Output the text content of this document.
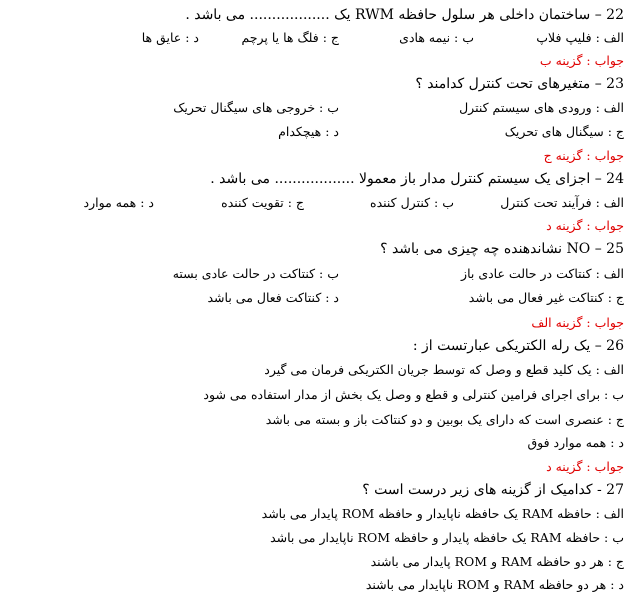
22 – ساختمان داخلی هر سلول حافظه RWM یک .................. می باشد .
الف : فلیپ فلاپ
ب : نیمه هادی
ج : فلگ ها یا پرچم
د : عایق ها
جواب : گزینه ب
23 – متغیرهای تحت کنترل کدامند ؟
الف : ورودی های سیستم کنترل
ب : خروجی های سیگنال تحریک
ج : سیگنال های تحریک
د : هیچکدام
جواب : گزینه ج
24 – اجزای یک سیستم کنترل مدار باز معمولا .................. می باشد .
الف : فرآیند تحت کنترل
ب : کنترل کننده
ج : تقویت کننده
د : همه موارد
جواب : گزینه د
25 – NO نشاندهنده چه چیزی می باشد ؟
الف : کنتاکت در حالت عادی باز
ب : کنتاکت در حالت عادی بسته
ج : کنتاکت غیر فعال می باشد
د : کنتاکت فعال می باشد
جواب : گزینه الف
26 – یک رله الکتریکی عبارتست از :
الف : یک کلید قطع و وصل که توسط جریان الکتریکی فرمان می گیرد
ب : برای اجرای فرامین کنترلی و قطع و وصل یک بخش از مدار استفاده می شود
ج : عنصری است که دارای یک بوبین و دو کنتاکت باز و بسته می باشد
د : همه موارد فوق
جواب : گزینه د
27 - کدامیک از گزینه های زیر درست است ؟
الف : حافظه RAM یک حافظه ناپایدار و حافظه ROM پایدار می باشد
ب : حافظه RAM یک حافظه پایدار و حافظه ROM ناپایدار می باشد
ج : هر دو حافظه RAM و ROM پایدار می باشند
د : هر دو حافظه RAM و ROM ناپایدار می باشند
